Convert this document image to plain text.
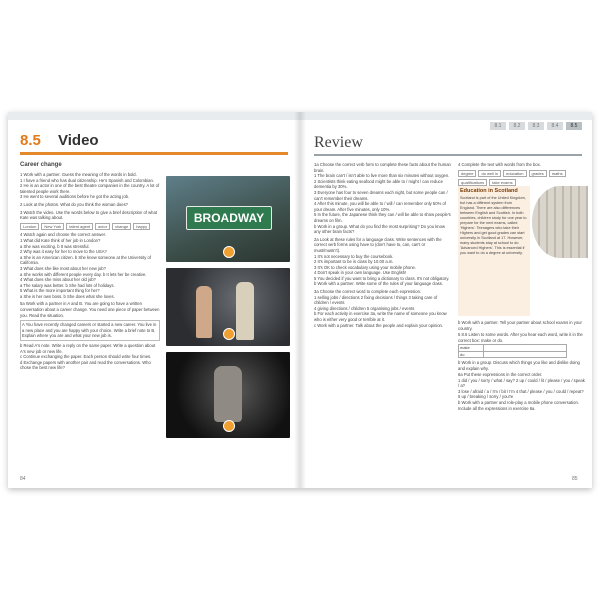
8.5 Video
Career change
1 Work with a partner. Guess the meaning of the words in bold.
1 I have a friend who has dual citizenship. He's Spanish and Colombian.
2 He is an actor in one of the best theatre companies in the country. A lot of talented people work there.
3 He went to several auditions before he got the acting job.
2 Look at the photos. What do you think the woman does?
3 Watch the video. Use the words below to give a brief description of what Kate was talking about.
London	New York	talent agent	actor	change	happy
4 Watch again and choose the correct answer.
1 What did Kate think of her job in London?
a She was exciting. b It was stressful.
2 Why was it easy for her to move to the USA?
a She is an American citizen. b She knew someone at the University of California.
3 What does she like most about her new job?
a She works with different people every day. b It lets her be creative.
4 What does she miss about her old job?
a The salary was better. b She had lots of holidays.
5 What is the more important thing for her?
a She is her own boss. b She does what she loves.
5a Work with a partner in A and B. You are going to have a written conversation about a career change. You need one piece of paper between you. Read the situation.
A You have recently changed careers or started a new career. You live in a new place and you are happy with your choice. Write a brief note to B. Explain where you are and what your new job is.
b Read A's note. Write a reply on the same paper. Write a question about A's new job or new life.
c Continue exchanging the paper. Each person should write four times.
d Exchange papers with another pair and read the conversations. Who chose the best new life?
BROADWAY
84
8.1	8.2	8.3	8.4	8.5
Review
1a Choose the correct verb form to complete these facts about the human brain.
1 The brain can't / isn't able to live more than six minutes without oxygen.
2 Scientists think eating seafood might be able to / might / can reduce dementia by 30%.
3 Everyone has four to seven dreams each night, but some people can / can't remember their dreams.
4 After this minute, you will be able to / will / can remember only 50% of your dream. After five minutes, only 10%.
5 In the future, the Japanese think they can / will be able to show people's dreams on film.
b Work in a group. What do you find the most surprising? Do you know any other brain facts?
2a Look at these rules for a language class. Write sentences with the correct verb forms using have to (don't have to, can, can't or must/mustn't).
1 It's not necessary to buy the coursebook.
2 It's important to be in class by 10.00 a.m.
3 It's OK to check vocabulary using your mobile phone.
4 Don't speak in your own language. Use English!
5 You decided if you want to bring a dictionary to class. It's not obligatory.
b Work with a partner. Write some of the rules of your language class.
3a Choose the correct word to complete each expression.
1 selling jobs / directions 2 fixing decisions / things 3 taking care of children / events
4 giving directions / children 5 organising jobs / events
b For each activity in exercise 3a, write the name of someone you know who is either very good or terrible at it.
c Work with a partner. Talk about the people and explain your opinion.
4 Complete the text with words from the box.
degree	do well in	education	grades	maths
qualifications	take exams
Education in Scotland
Scotland is part of the United Kingdom, but has a different system from England. There are also differences between English and Scottish. In both countries, children study for one year to prepare for the next exams, called 'Highers'. Teenagers who take their Highers and get good grades can start university in Scotland at 17. However, many students stay at school to do 'Advanced Highers'. This is essential if you want to do a degree at university.
b Work with a partner. Tell your partner about school exams in your country.
5 8.5 Listen to some words. After you hear each word, write it in the correct box: make or do.
make	
do	
b Work in a group. Discuss which things you like and dislike doing and explain why.
6a Put these expressions in the correct order.
1 did / you / sorry / what / say? 2 up / could / lit / please / you / speak / a?
3 lose / afraid / a / I'm / bit / I'm 4 that / please / you / could / repeat?
5 up / breaking / sorry / you're
b Work with a partner and role-play a mobile phone conversation. Include all the expressions in exercise 6a.
85
